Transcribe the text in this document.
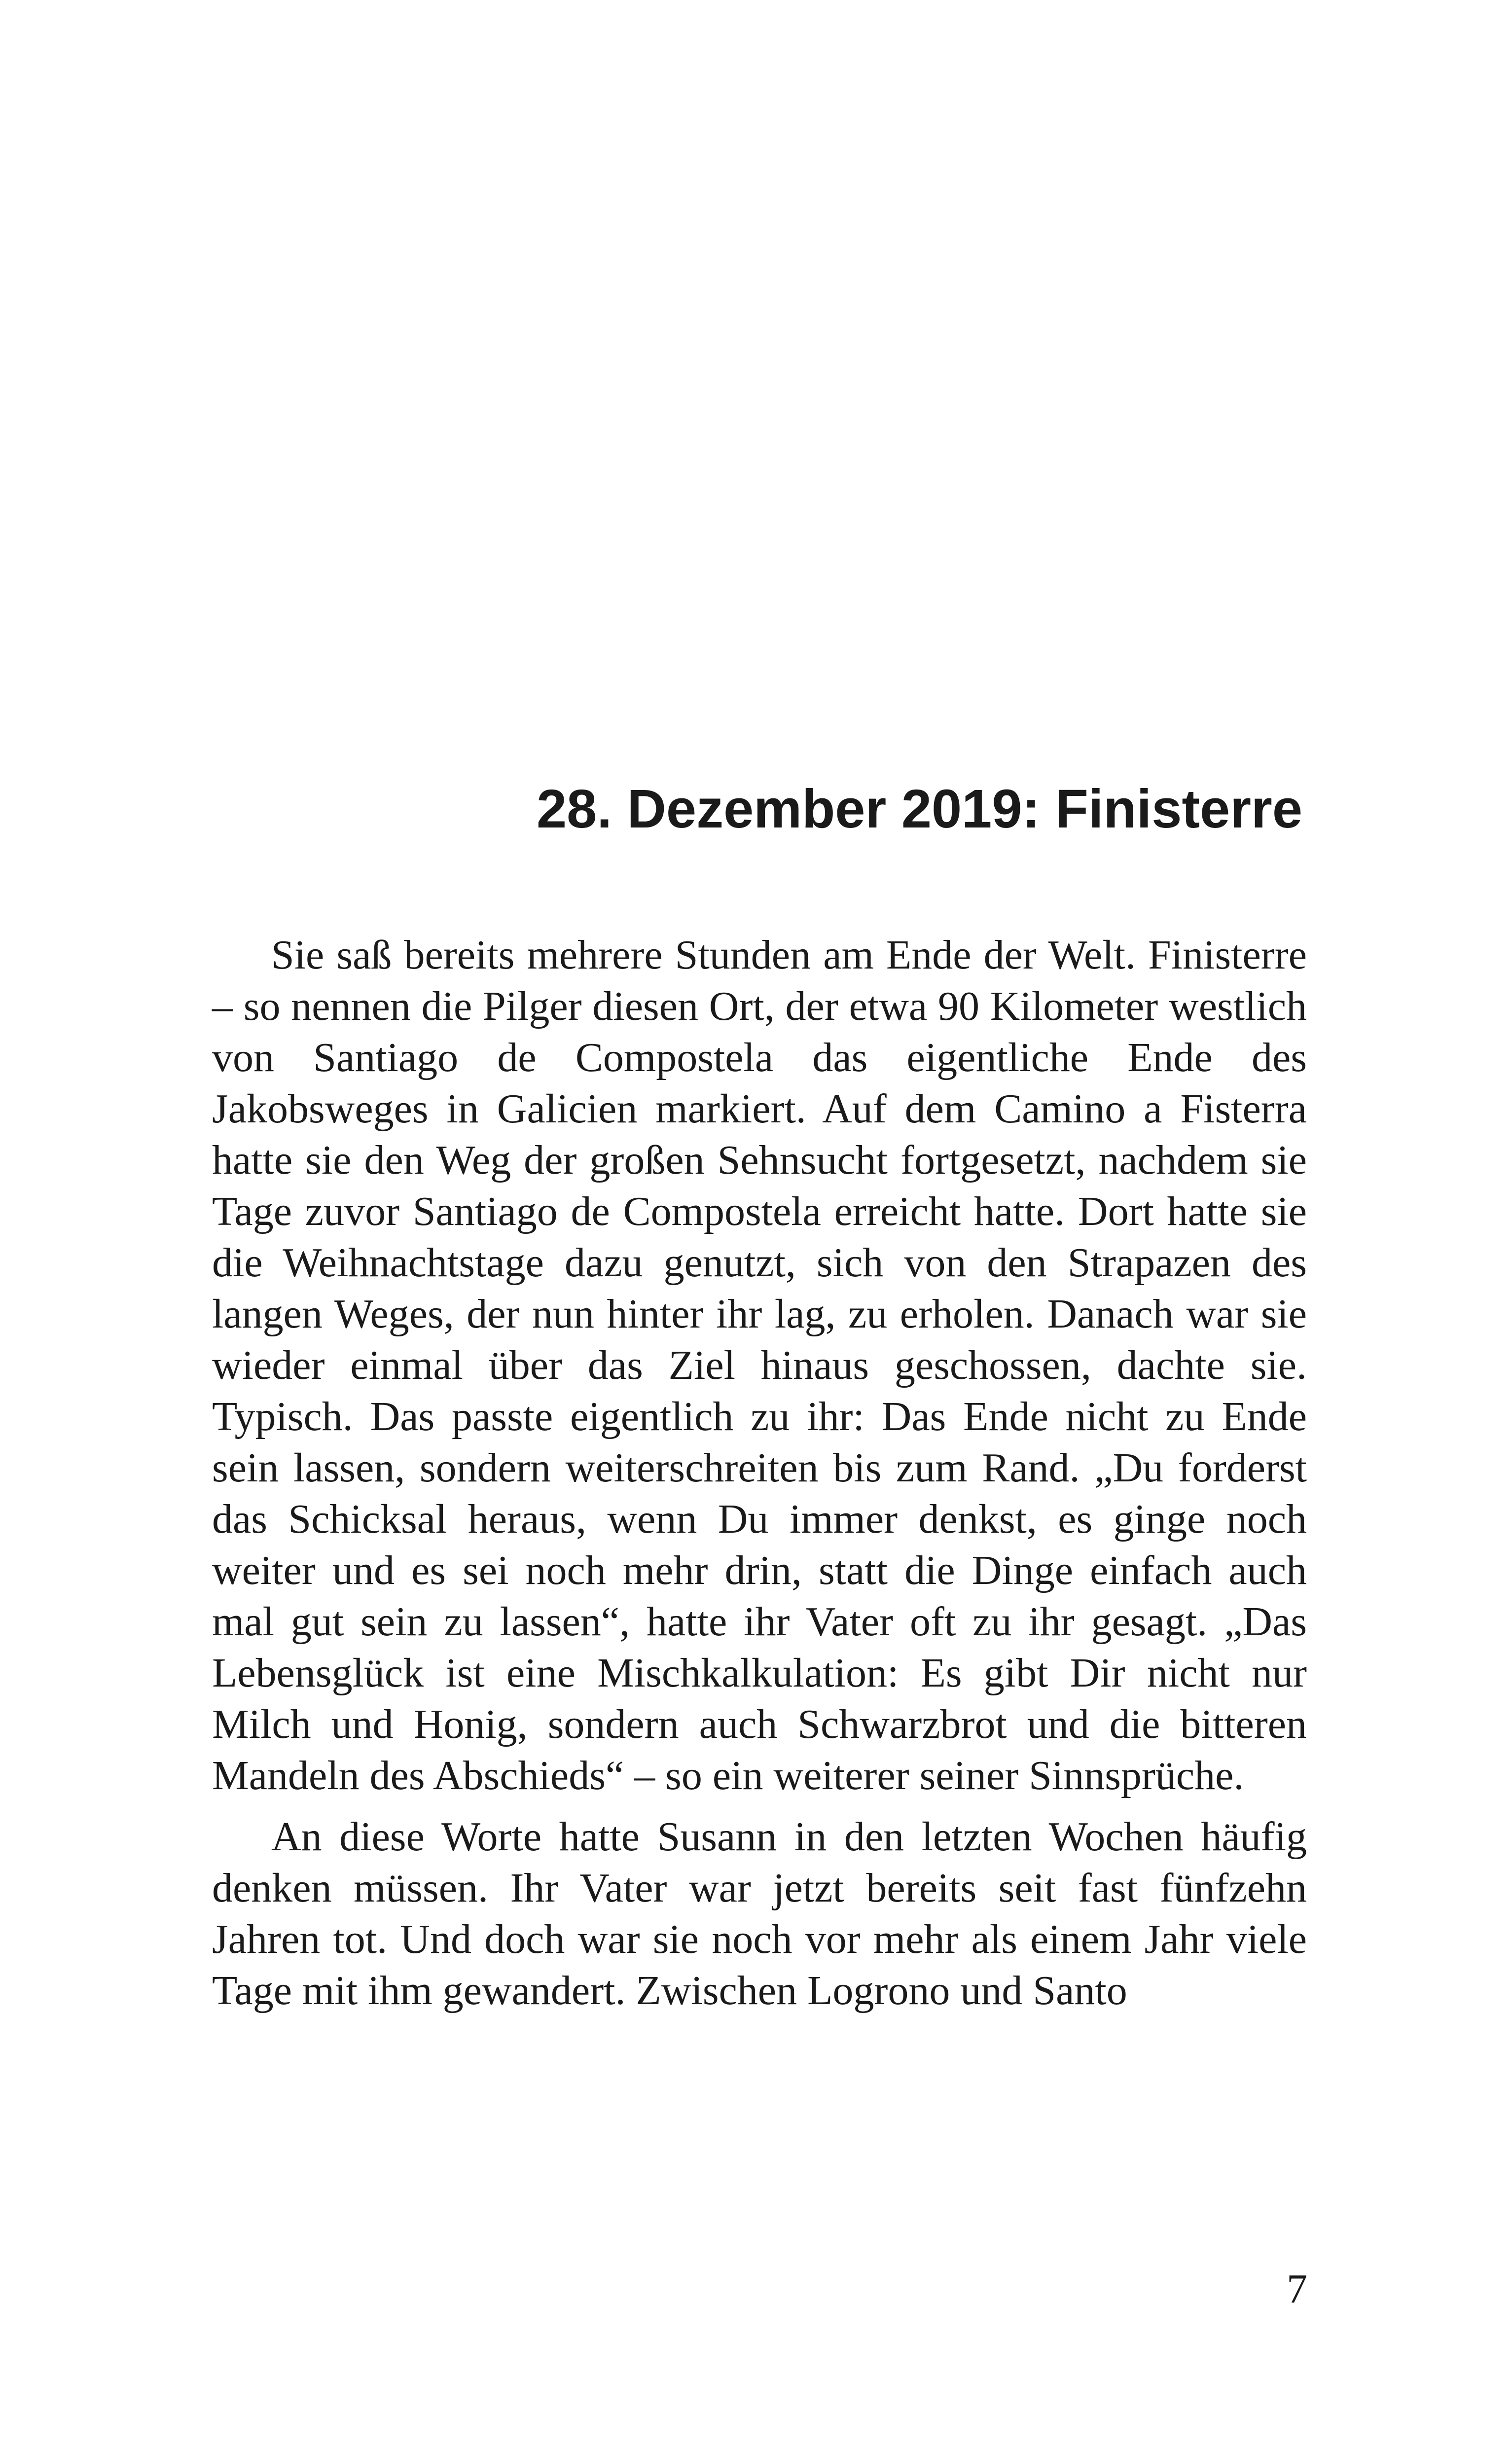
28. Dezember 2019: Finisterre

Sie saß bereits mehrere Stunden am Ende der Welt. Finisterre – so nennen die Pilger diesen Ort, der etwa 90 Kilometer westlich von Santiago de Compostela das eigentliche Ende des Jakobsweges in Galicien markiert. Auf dem Camino a Fisterra hatte sie den Weg der großen Sehnsucht fortgesetzt, nachdem sie Tage zuvor Santiago de Compostela erreicht hatte. Dort hatte sie die Weihnachtstage dazu genutzt, sich von den Strapazen des langen Weges, der nun hinter ihr lag, zu erholen. Danach war sie wieder einmal über das Ziel hinaus geschossen, dachte sie. Typisch. Das passte eigentlich zu ihr: Das Ende nicht zu Ende sein lassen, sondern weiterschreiten bis zum Rand. „Du forderst das Schicksal heraus, wenn Du immer denkst, es ginge noch weiter und es sei noch mehr drin, statt die Dinge einfach auch mal gut sein zu lassen“, hatte ihr Vater oft zu ihr gesagt. „Das Lebensglück ist eine Mischkalkulation: Es gibt Dir nicht nur Milch und Honig, sondern auch Schwarzbrot und die bitteren Mandeln des Abschieds“ – so ein weiterer seiner Sinnsprüche.

An diese Worte hatte Susann in den letzten Wochen häufig denken müssen. Ihr Vater war jetzt bereits seit fast fünfzehn Jahren tot. Und doch war sie noch vor mehr als einem Jahr viele Tage mit ihm gewandert. Zwischen Logrono und Santo

7
